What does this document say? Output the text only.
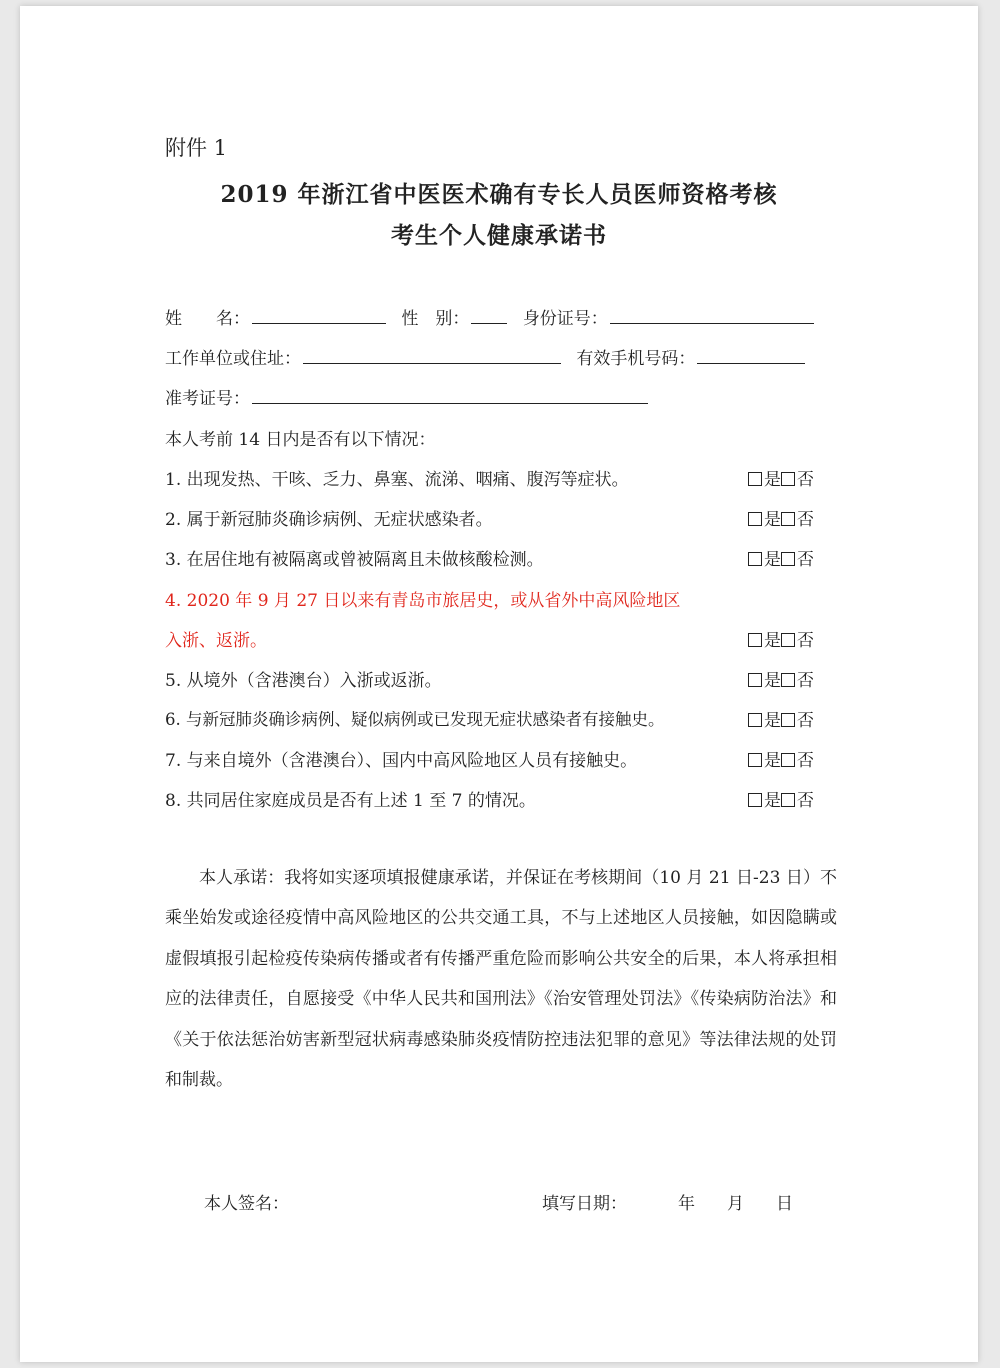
附件 1
2019 年浙江省中医医术确有专长人员医师资格考核
考生个人健康承诺书
姓　　名：	性　别：	身份证号：
工作单位或住址：	有效手机号码：
准考证号：
本人考前 14 日内是否有以下情况：
1. 出现发热、干咳、乏力、鼻塞、流涕、咽痛、腹泻等症状。	是 否
2. 属于新冠肺炎确诊病例、无症状感染者。	是 否
3. 在居住地有被隔离或曾被隔离且未做核酸检测。	是 否
4. 2020 年 9 月 27 日以来有青岛市旅居史，或从省外中高风险地区
入浙、返浙。	是 否
5. 从境外（含港澳台）入浙或返浙。	是 否
6. 与新冠肺炎确诊病例、疑似病例或已发现无症状感染者有接触史。	是 否
7. 与来自境外（含港澳台）、国内中高风险地区人员有接触史。	是 否
8. 共同居住家庭成员是否有上述 1 至 7 的情况。	是 否

本人承诺：我将如实逐项填报健康承诺，并保证在考核期间（10 月 21 日-23 日）不乘坐始发或途径疫情中高风险地区的公共交通工具，不与上述地区人员接触，如因隐瞒或虚假填报引起检疫传染病传播或者有传播严重危险而影响公共安全的后果，本人将承担相应的法律责任，自愿接受《中华人民共和国刑法》《治安管理处罚法》《传染病防治法》和《关于依法惩治妨害新型冠状病毒感染肺炎疫情防控违法犯罪的意见》等法律法规的处罚和制裁。

本人签名：	填写日期：	年 月 日
